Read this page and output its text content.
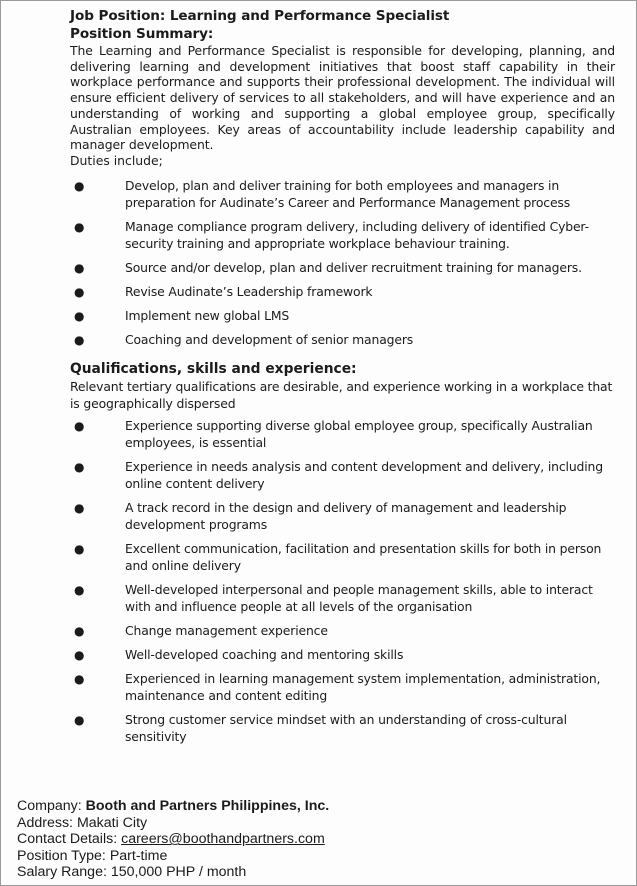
Job Position: Learning and Performance Specialist
Position Summary:
The Learning and Performance Specialist is responsible for developing, planning, and delivering learning and development initiatives that boost staff capability in their workplace performance and supports their professional development. The individual will ensure efficient delivery of services to all stakeholders, and will have experience and an understanding of working and supporting a global employee group, specifically Australian employees. Key areas of accountability include leadership capability and manager development.
Duties include;
●	Develop, plan and deliver training for both employees and managers in preparation for Audinate’s Career and Performance Management process
●	Manage compliance program delivery, including delivery of identified Cyber-security training and appropriate workplace behaviour training.
●	Source and/or develop, plan and deliver recruitment training for managers.
●	Revise Audinate’s Leadership framework
●	Implement new global LMS
●	Coaching and development of senior managers
Qualifications, skills and experience:
Relevant tertiary qualifications are desirable, and experience working in a workplace that is geographically dispersed
●	Experience supporting diverse global employee group, specifically Australian employees, is essential
●	Experience in needs analysis and content development and delivery, including online content delivery
●	A track record in the design and delivery of management and leadership development programs
●	Excellent communication, facilitation and presentation skills for both in person and online delivery
●	Well-developed interpersonal and people management skills, able to interact with and influence people at all levels of the organisation
●	Change management experience
●	Well-developed coaching and mentoring skills
●	Experienced in learning management system implementation, administration, maintenance and content editing
●	Strong customer service mindset with an understanding of cross-cultural sensitivity
Company: Booth and Partners Philippines, Inc.
Address: Makati City
Contact Details: careers@boothandpartners.com
Position Type: Part-time
Salary Range: 150,000 PHP / month
